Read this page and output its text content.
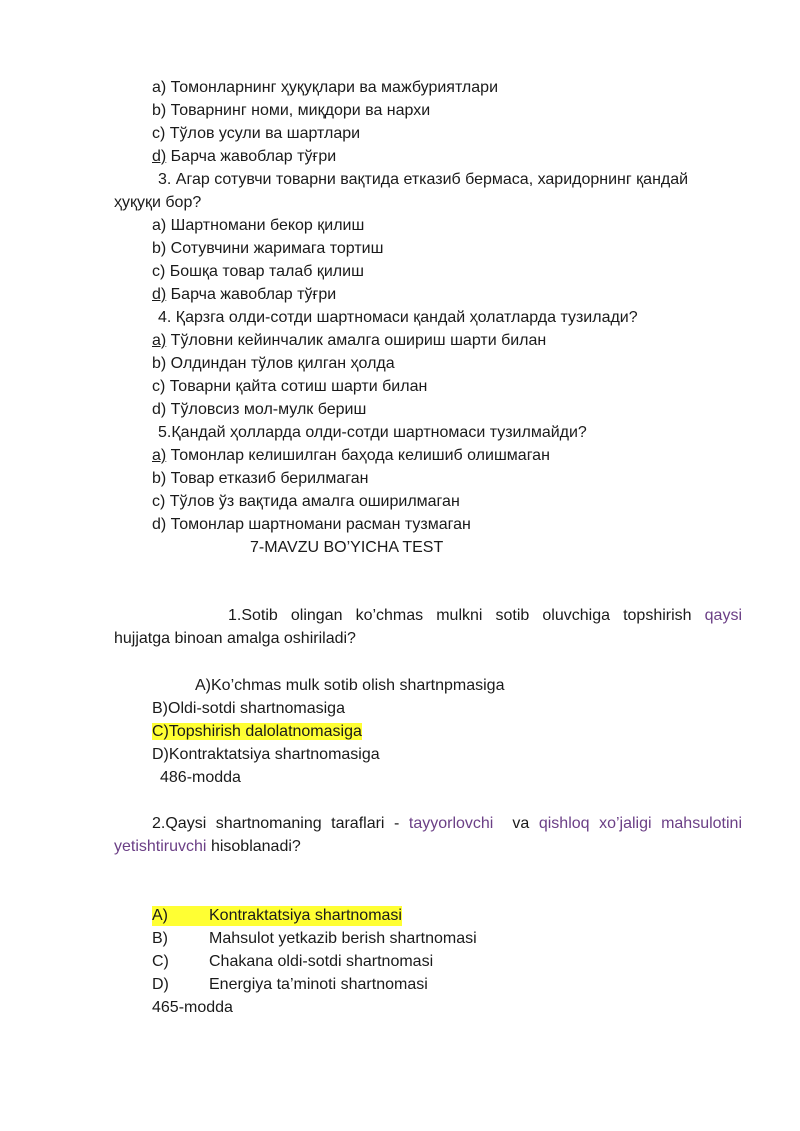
a) Томонларнинг ҳуқуқлари ва мажбуриятлари
b) Товарнинг номи, миқдори ва нархи
c) Тўлов усули ва шартлари
d) Барча жавоблар тўғри
3. Агар сотувчи товарни вақтида етказиб бермаса, харидорнинг қандай
ҳуқуқи бор?
a) Шартномани бекор қилиш
b) Сотувчини жаримага тортиш
c) Бошқа товар талаб қилиш
d) Барча жавоблар тўғри
4. Қарзга олди-сотди шартномаси қандай ҳолатларда тузилади?
a) Тўловни кейинчалик амалга ошириш шарти билан
b) Олдиндан тўлов қилган ҳолда
c) Товарни қайта сотиш шарти билан
d) Тўловсиз мол-мулк бериш
5.Қандай ҳолларда олди-сотди шартномаси тузилмайди?
a) Томонлар келишилган баҳода келишиб олишмаган
b) Товар етказиб берилмаган
c) Тўлов ўз вақтида амалга оширилмаган
d) Томонлар шартномани расман тузмаган
7-MAVZU BO’YICHA TEST
1.Sotib olingan ko’chmas mulkni sotib oluvchiga topshirish qaysi
hujjatga binoan amalga oshiriladi?
A)Ko’chmas mulk sotib olish shartnpmasiga
B)Oldi-sotdi shartnomasiga
C)Topshirish dalolatnomasiga
D)Kontraktatsiya shartnomasiga
486-modda
2.Qaysi shartnomaning taraflari - tayyorlovchi va qishloq xo’jaligi mahsulotini
yetishtiruvchi hisoblanadi?
A)	Kontraktatsiya shartnomasi
B)	Mahsulot yetkazib berish shartnomasi
C)	Chakana oldi-sotdi shartnomasi
D)	Energiya ta’minoti shartnomasi
465-modda
